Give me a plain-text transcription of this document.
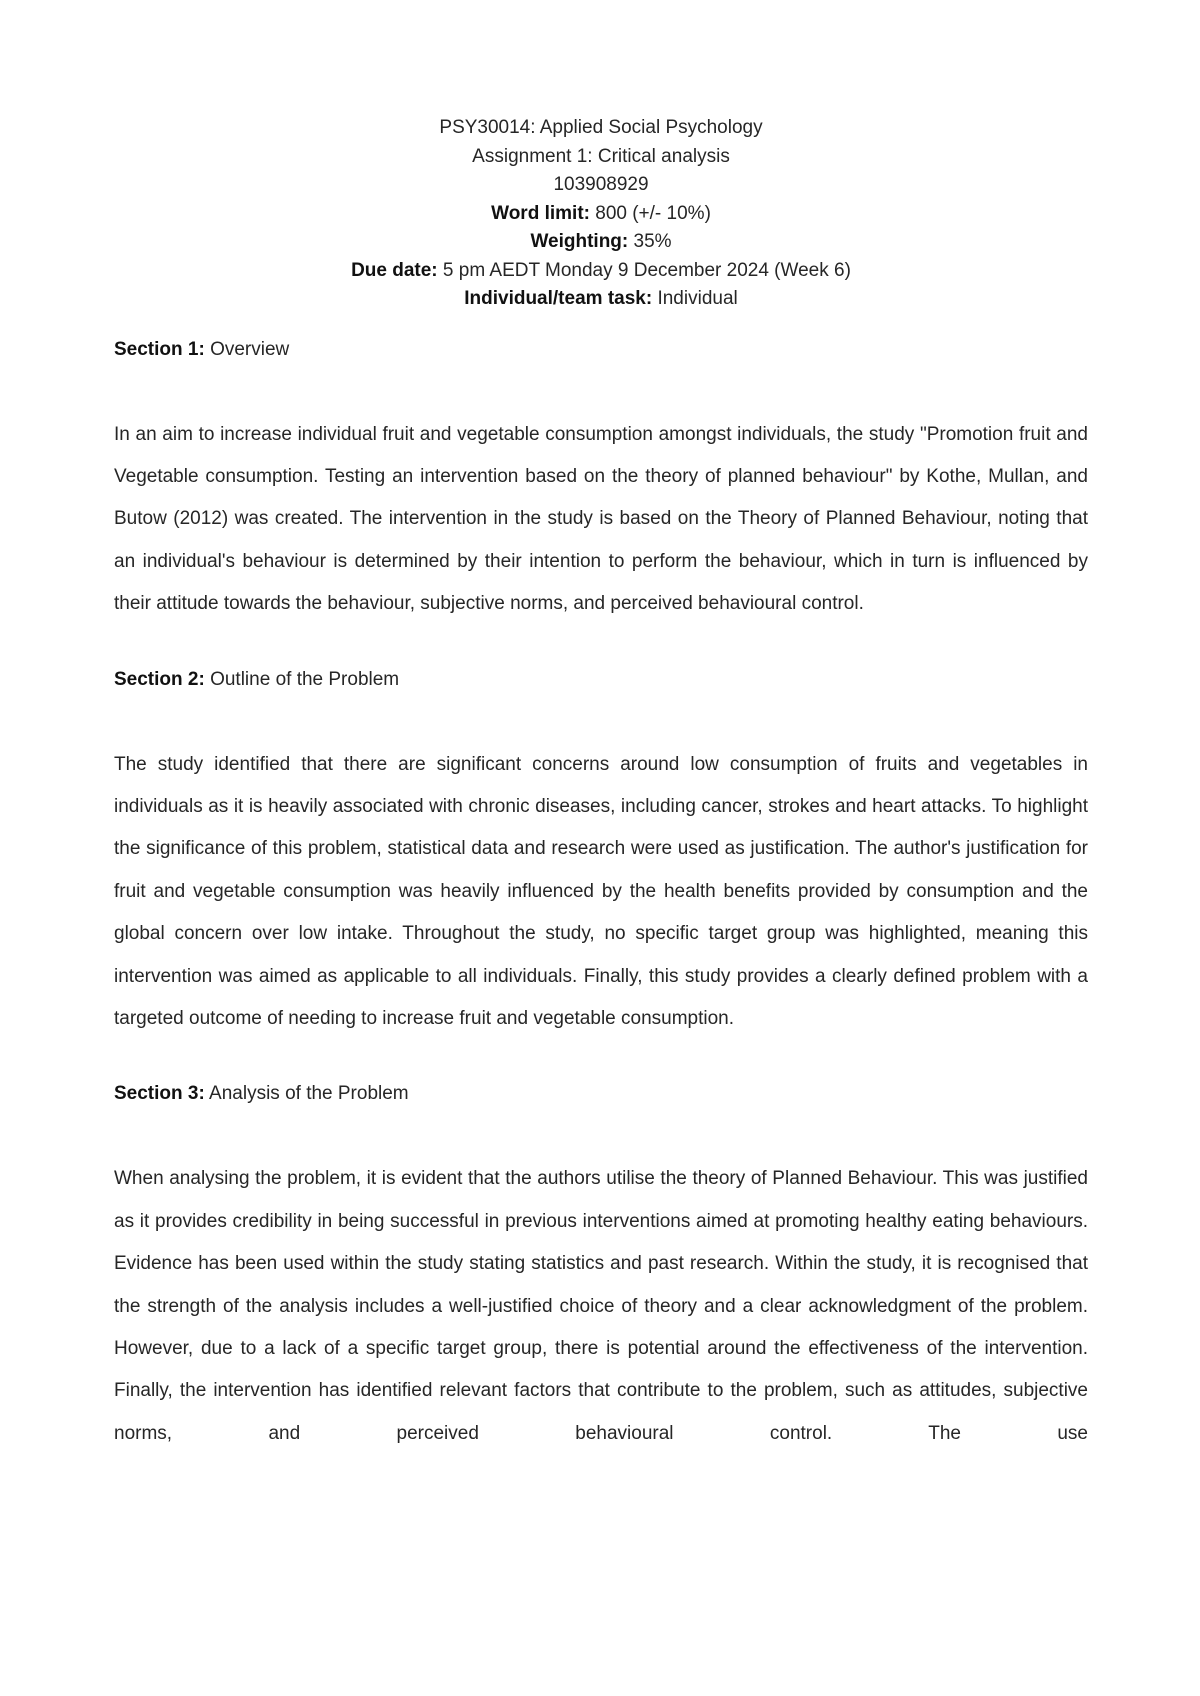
PSY30014: Applied Social Psychology
Assignment 1: Critical analysis
103908929
Word limit: 800 (+/- 10%)
Weighting: 35%
Due date: 5 pm AEDT Monday 9 December 2024 (Week 6)
Individual/team task: Individual

Section 1: Overview

In an aim to increase individual fruit and vegetable consumption amongst individuals, the study "Promotion fruit and Vegetable consumption. Testing an intervention based on the theory of planned behaviour" by Kothe, Mullan, and Butow (2012) was created. The intervention in the study is based on the Theory of Planned Behaviour, noting that an individual's behaviour is determined by their intention to perform the behaviour, which in turn is influenced by their attitude towards the behaviour, subjective norms, and perceived behavioural control.

Section 2: Outline of the Problem

The study identified that there are significant concerns around low consumption of fruits and vegetables in individuals as it is heavily associated with chronic diseases, including cancer, strokes and heart attacks. To highlight the significance of this problem, statistical data and research were used as justification. The author's justification for fruit and vegetable consumption was heavily influenced by the health benefits provided by consumption and the global concern over low intake. Throughout the study, no specific target group was highlighted, meaning this intervention was aimed as applicable to all individuals. Finally, this study provides a clearly defined problem with a targeted outcome of needing to increase fruit and vegetable consumption.

Section 3: Analysis of the Problem

When analysing the problem, it is evident that the authors utilise the theory of Planned Behaviour. This was justified as it provides credibility in being successful in previous interventions aimed at promoting healthy eating behaviours. Evidence has been used within the study stating statistics and past research. Within the study, it is recognised that the strength of the analysis includes a well-justified choice of theory and a clear acknowledgment of the problem. However, due to a lack of a specific target group, there is potential around the effectiveness of the intervention. Finally, the intervention has identified relevant factors that contribute to the problem, such as attitudes, subjective norms, and perceived behavioural control. The use
